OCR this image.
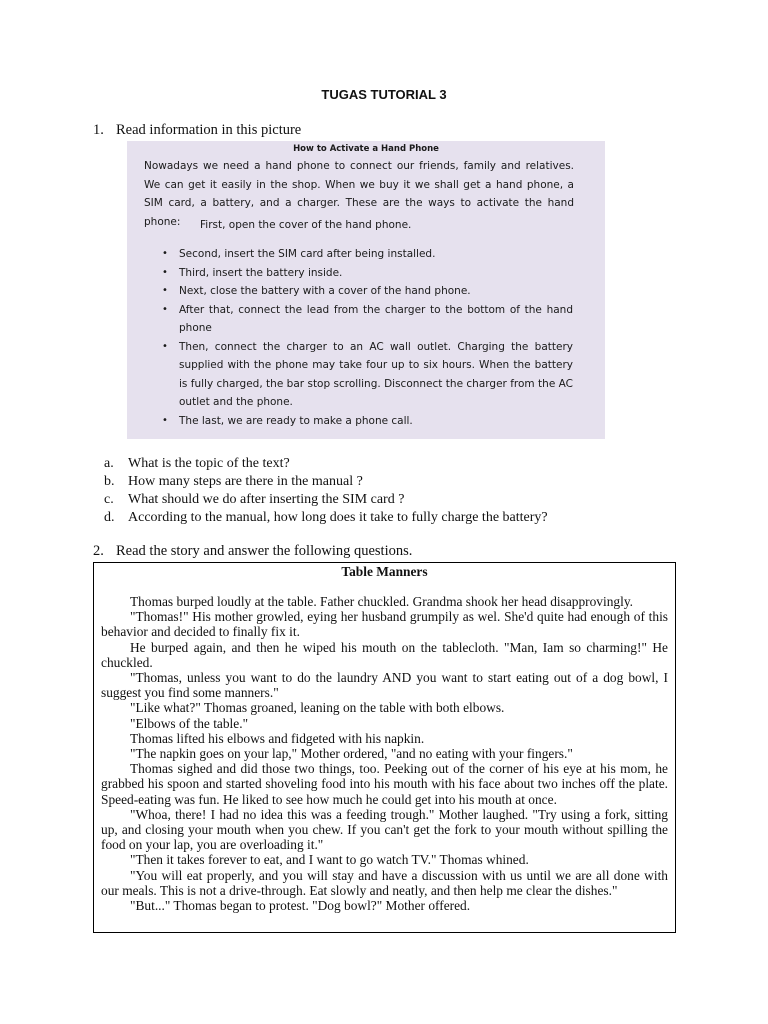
TUGAS TUTORIAL 3
1. Read information in this picture
How to Activate a Hand Phone
Nowadays we need a hand phone to connect our friends, family and relatives. We can get it easily in the shop. When we buy it we shall get a hand phone, a SIM card, a battery, and a charger. These are the ways to activate the hand phone:	First, open the cover of the hand phone.
• Second, insert the SIM card after being installed.
• Third, insert the battery inside.
• Next, close the battery with a cover of the hand phone.
• After that, connect the lead from the charger to the bottom of the hand phone
• Then, connect the charger to an AC wall outlet. Charging the battery supplied with the phone may take four up to six hours. When the battery is fully charged, the bar stop scrolling. Disconnect the charger from the AC outlet and the phone.
• The last, we are ready to make a phone call.
a.	What is the topic of the text?
b. How many steps are there in the manual ?
c.	What should we do after inserting the SIM card ?
d. According to the manual, how long does it take to fully charge the battery?
2. Read the story and answer the following questions.
Table Manners
Thomas burped loudly at the table. Father chuckled. Grandma shook her head disapprovingly.
"Thomas!" His mother growled, eying her husband grumpily as wel. She'd quite had enough of this behavior and decided to finally fix it.
He burped again, and then he wiped his mouth on the tablecloth. "Man, Iam so charming!" He chuckled.
"Thomas, unless you want to do the laundry AND you want to start eating out of a dog bowl, I suggest you find some manners."
"Like what?" Thomas groaned, leaning on the table with both elbows.
"Elbows of the table."
Thomas lifted his elbows and fidgeted with his napkin.
"The napkin goes on your lap," Mother ordered, "and no eating with your fingers."
Thomas sighed and did those two things, too. Peeking out of the corner of his eye at his mom, he grabbed his spoon and started shoveling food into his mouth with his face about two inches off the plate. Speed-eating was fun. He liked to see how much he could get into his mouth at once.
"Whoa, there! I had no idea this was a feeding trough." Mother laughed. "Try using a fork, sitting up, and closing your mouth when you chew. If you can't get the fork to your mouth without spilling the food on your lap, you are overloading it."
"Then it takes forever to eat, and I want to go watch TV." Thomas whined.
"You will eat properly, and you will stay and have a discussion with us until we are all done with our meals. This is not a drive-through. Eat slowly and neatly, and then help me clear the dishes."
"But..." Thomas began to protest. "Dog bowl?" Mother offered.
